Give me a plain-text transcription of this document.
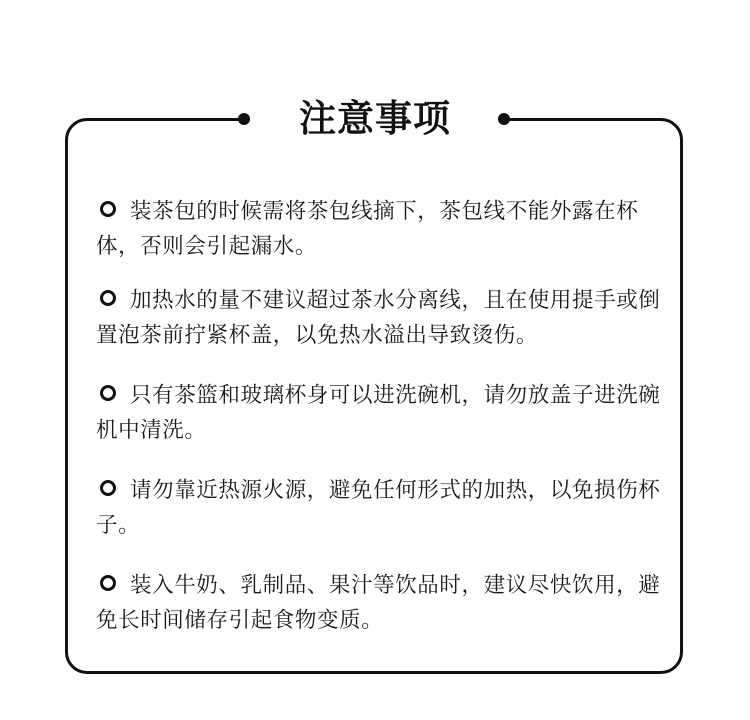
注意事项
装茶包的时候需将茶包线摘下，茶包线不能外露在杯体，否则会引起漏水。
加热水的量不建议超过茶水分离线，且在使用提手或倒置泡茶前拧紧杯盖，以免热水溢出导致烫伤。
只有茶篮和玻璃杯身可以进洗碗机，请勿放盖子进洗碗机中清洗。
请勿靠近热源火源，避免任何形式的加热，以免损伤杯子。
装入牛奶、乳制品、果汁等饮品时，建议尽快饮用，避免长时间储存引起食物变质。
